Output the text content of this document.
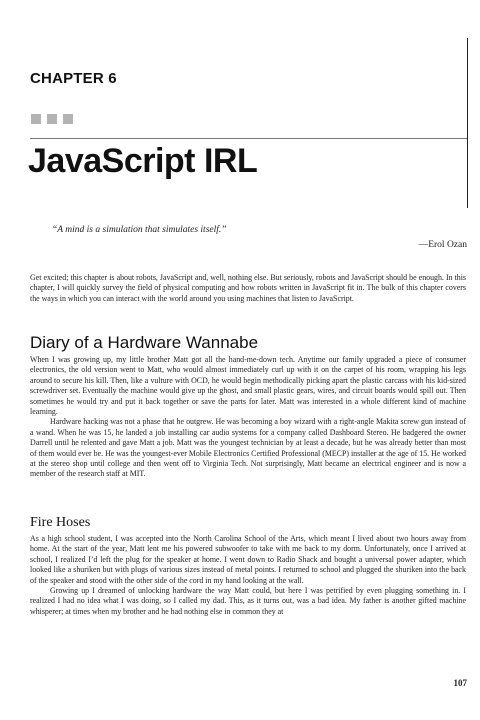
CHAPTER 6
JavaScript IRL
“A mind is a simulation that simulates itself.”
—Erol Ozan

Get excited; this chapter is about robots, JavaScript and, well, nothing else. But seriously, robots and JavaScript should be enough. In this chapter, I will quickly survey the field of physical computing and how robots written in JavaScript fit in. The bulk of this chapter covers the ways in which you can interact with the world around you using machines that listen to JavaScript.

Diary of a Hardware Wannabe

When I was growing up, my little brother Matt got all the hand-me-down tech. Anytime our family upgraded a piece of consumer electronics, the old version went to Matt, who would almost immediately curl up with it on the carpet of his room, wrapping his legs around to secure his kill. Then, like a vulture with OCD, he would begin methodically picking apart the plastic carcass with his kid-sized screwdriver set. Eventually the machine would give up the ghost, and small plastic gears, wires, and circuit boards would spill out. Then sometimes he would try and put it back together or save the parts for later. Matt was interested in a whole different kind of machine learning.

Hardware hacking was not a phase that he outgrew. He was becoming a boy wizard with a right-angle Makita screw gun instead of a wand. When he was 15, he landed a job installing car audio systems for a company called Dashboard Stereo. He badgered the owner Darrell until he relented and gave Matt a job. Matt was the youngest technician by at least a decade, but he was already better than most of them would ever be. He was the youngest-ever Mobile Electronics Certified Professional (MECP) installer at the age of 15. He worked at the stereo shop until college and then went off to Virginia Tech. Not surprisingly, Matt became an electrical engineer and is now a member of the research staff at MIT.

Fire Hoses

As a high school student, I was accepted into the North Carolina School of the Arts, which meant I lived about two hours away from home. At the start of the year, Matt lent me his powered subwoofer to take with me back to my dorm. Unfortunately, once I arrived at school, I realized I’d left the plug for the speaker at home. I went down to Radio Shack and bought a universal power adapter, which looked like a shuriken but with plugs of various sizes instead of metal points. I returned to school and plugged the shuriken into the back of the speaker and stood with the other side of the cord in my hand looking at the wall.

Growing up I dreamed of unlocking hardware the way Matt could, but here I was petrified by even plugging something in. I realized I had no idea what I was doing, so I called my dad. This, as it turns out, was a bad idea. My father is another gifted machine whisperer; at times when my brother and he had nothing else in common they at

107
